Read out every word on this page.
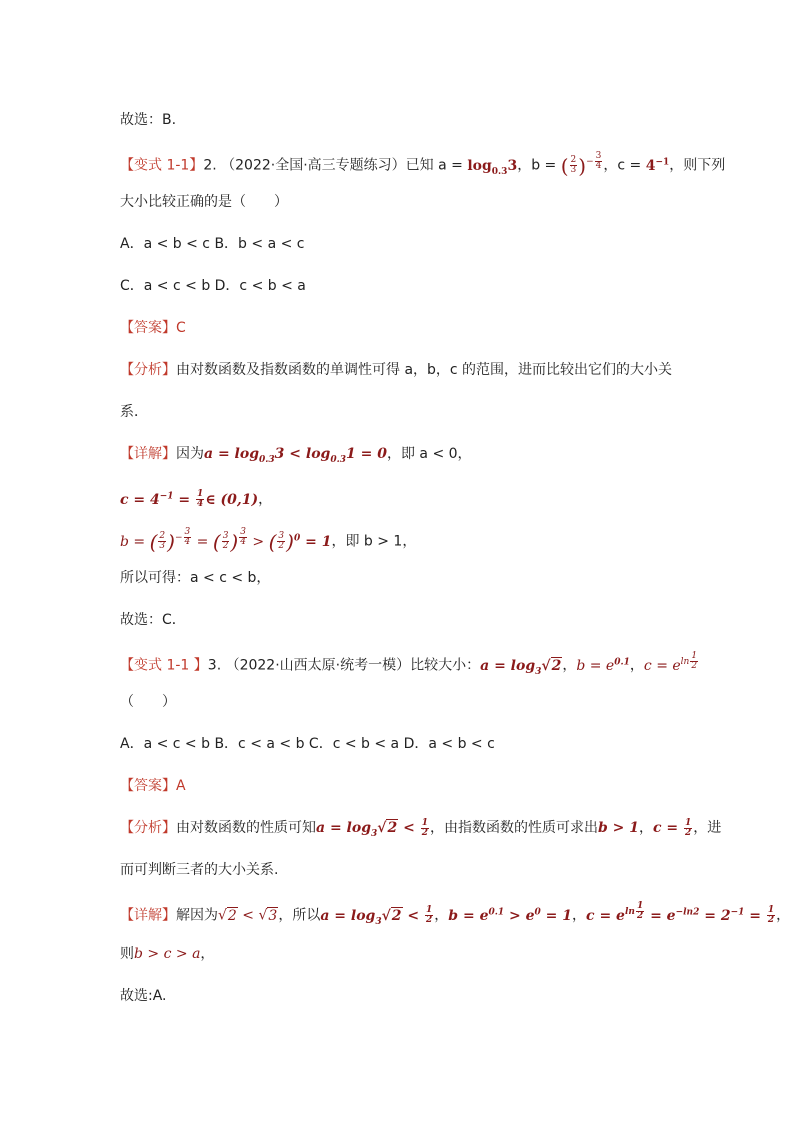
故选：B.
【变式 1-1】2. （2022·全国·高三专题练习）已知 $a = \log_{0.3}3$，b = ( $\frac{2}{3} )^{- \frac{3}{4}}$ ，$c = 4^{-1}$，则下列
大小比较正确的是（　　）
A．a < b < c B．b < a < c
C．a < c < b D．c < b < a
【答案】C
【分析】由对数函数及指数函数的单调性可得 a，b，c 的范围，进而比较出它们的大小关
系．
【详解】因为$a = \log_{0.3}3 < \log_{0.3}1 = 0$，即 a < 0，
$c = 4^{-1} = \frac{1}{4}$ ∈ (0,1)，
b = ( $\frac{2}{3} )^{- \frac{3}{4}}$ = ( $\frac{3}{2}$ ) $^{\frac{3}{4}}$ > ( $\frac{3}{2} )^0 = 1$，即 b > 1，
所以可得：a < c < b，
故选：C．
【变式 1-1 】3. （2022·山西太原·统考一模）比较大小：$a = \log_3√2$，$b = e^{0.1}$，$c = e^{ln \frac{1}{2}}$
（　　）
A．a < c < b B．c < a < b C．c < b < a D．a < b < c
【答案】A
【分析】由对数函数的性质可知$a = \log_3√2 < \frac{1}{2}$ ，由指数函数的性质可求出b > 1，$c = \frac{1}{2}$ ，进
而可判断三者的大小关系.
【详解】解因为√2 < √3，所以$a = \log_3√2 < \frac{1}{2}$ ，$b = e^{0.1} > e^0 = 1$，$c = e^{ln \frac{1}{2}} = e^{-ln2} = 2^{-1} = \frac{1}{2}$ ，
则b > c > a，
故选:A.
